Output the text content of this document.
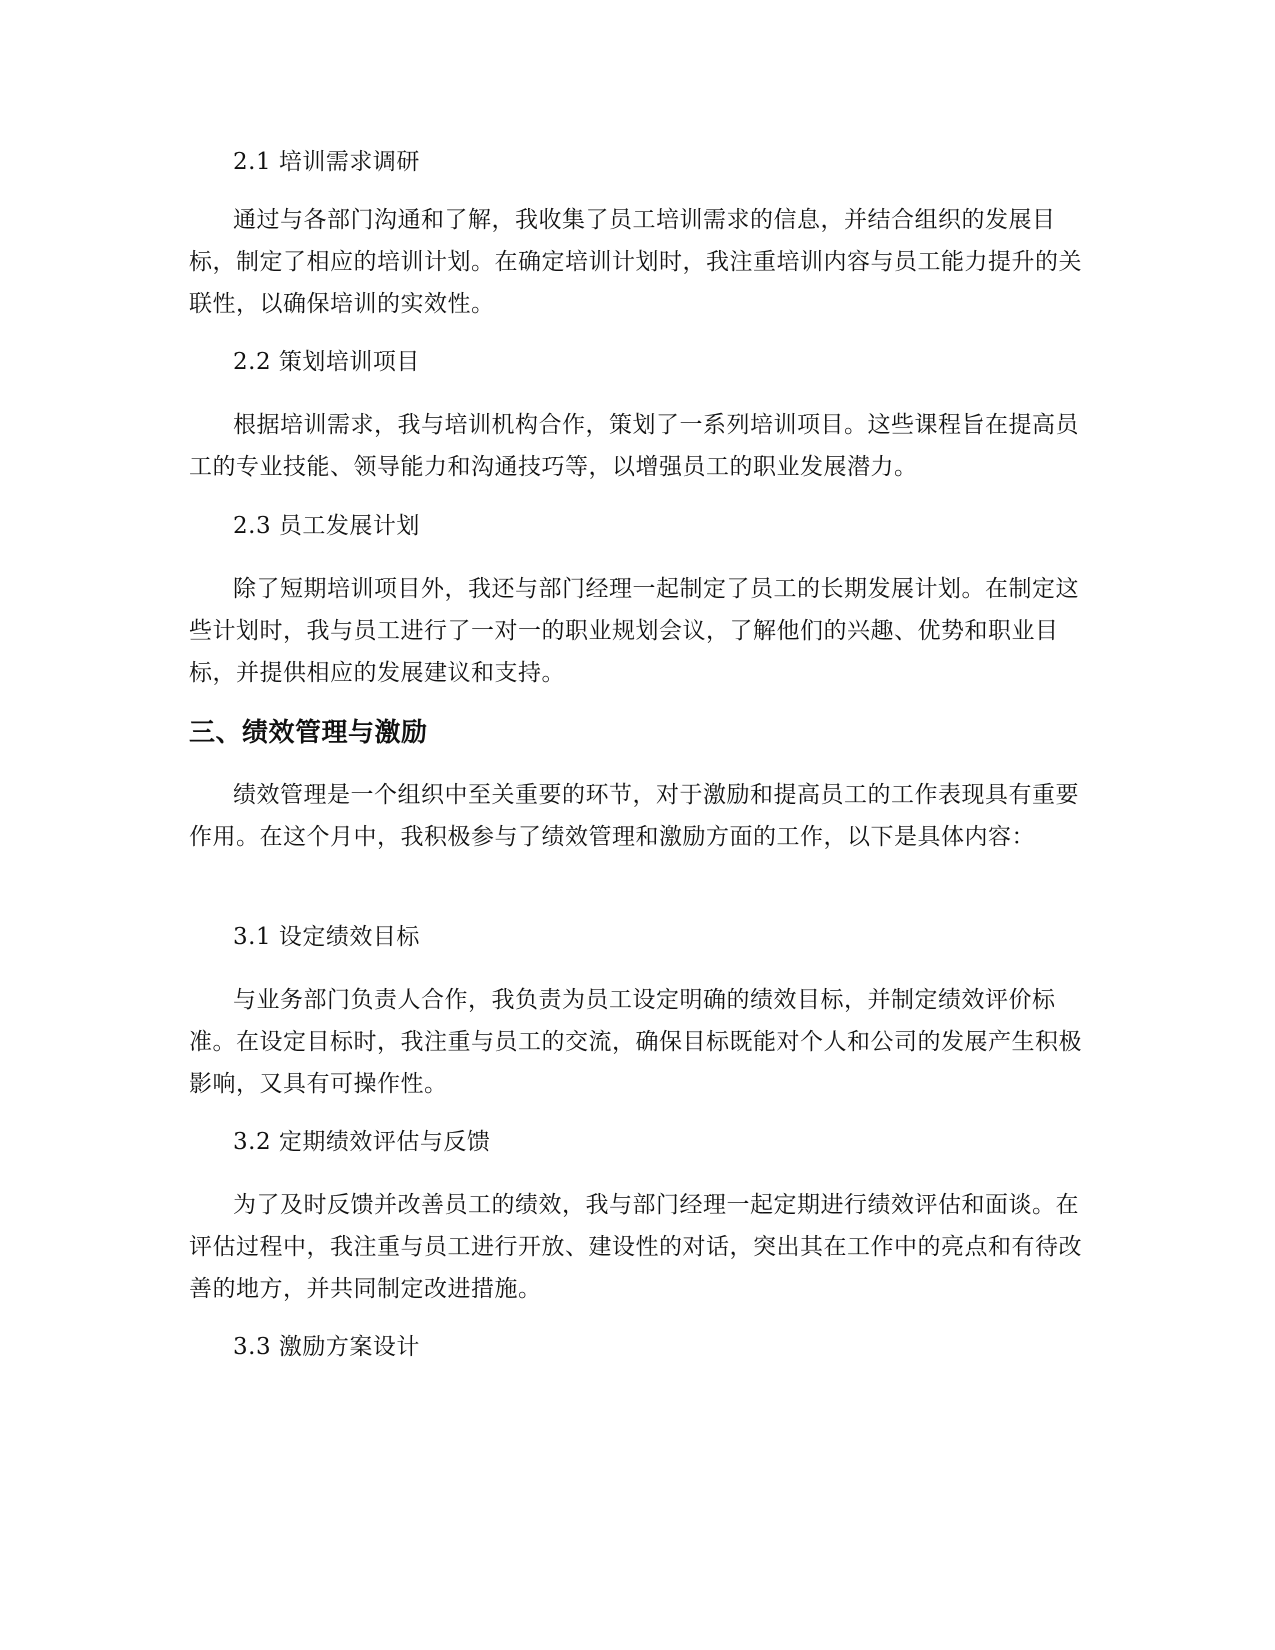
2.1 培训需求调研

通过与各部门沟通和了解，我收集了员工培训需求的信息，并结合组织的发展目标，制定了相应的培训计划。在确定培训计划时，我注重培训内容与员工能力提升的关联性，以确保培训的实效性。

2.2 策划培训项目

根据培训需求，我与培训机构合作，策划了一系列培训项目。这些课程旨在提高员工的专业技能、领导能力和沟通技巧等，以增强员工的职业发展潜力。

2.3 员工发展计划

除了短期培训项目外，我还与部门经理一起制定了员工的长期发展计划。在制定这些计划时，我与员工进行了一对一的职业规划会议，了解他们的兴趣、优势和职业目标，并提供相应的发展建议和支持。

三、绩效管理与激励

绩效管理是一个组织中至关重要的环节，对于激励和提高员工的工作表现具有重要作用。在这个月中，我积极参与了绩效管理和激励方面的工作，以下是具体内容：

3.1 设定绩效目标

与业务部门负责人合作，我负责为员工设定明确的绩效目标，并制定绩效评价标准。在设定目标时，我注重与员工的交流，确保目标既能对个人和公司的发展产生积极影响，又具有可操作性。

3.2 定期绩效评估与反馈

为了及时反馈并改善员工的绩效，我与部门经理一起定期进行绩效评估和面谈。在评估过程中，我注重与员工进行开放、建设性的对话，突出其在工作中的亮点和有待改善的地方，并共同制定改进措施。

3.3 激励方案设计
